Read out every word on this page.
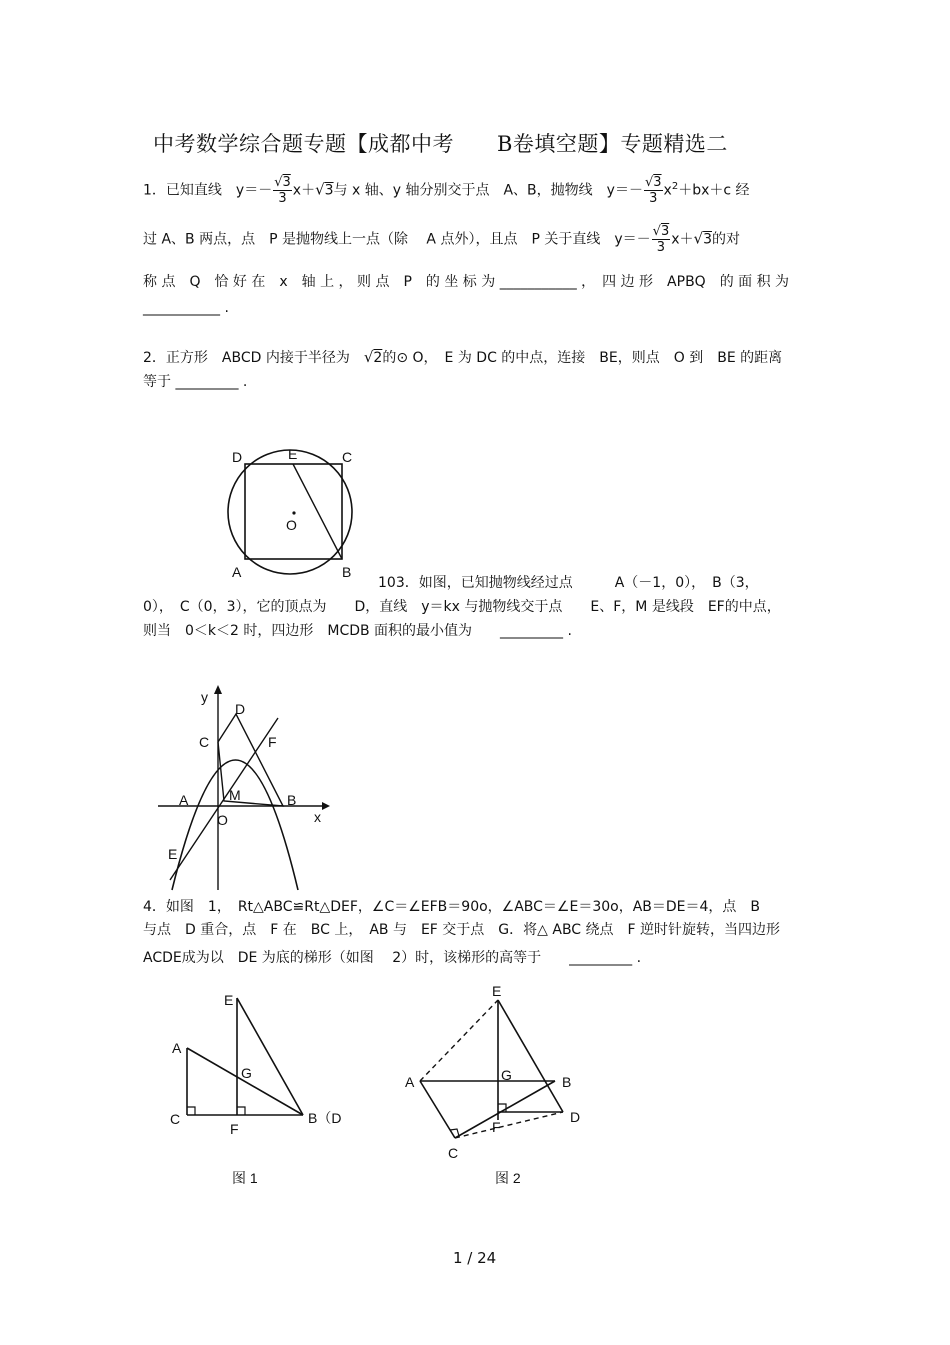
中考数学综合题专题【成都中考　　B卷填空题】专题精选二
1．已知直线　$y=- \frac{√3}{3} x+√3$与 x 轴、y 轴分别交于点　A、B，抛物线　$y=- \frac{√3}{3} x^2+bx+c$ 经
过 A、B 两点，点　P 是抛物线上一点（除　 A 点外），且点　P 关于直线　$y=- \frac{√3}{3} x+√3$的对
称 点　Q　恰 好 在　x　轴 上 ， 则 点　P　的 坐 标 为 ___________ ，　四 边 形　APBQ　的 面 积 为
___________ .
2．正方形　ABCD 内接于半径为　√2的⊙ O，　E 为 DC 的中点，连接　BE，则点　O 到　BE 的距离
等于 _________ .
D	E	C
O
A	B
103．如图，已知抛物线经过点　　　A（－1，0），　B（3，
0），　C（0，3），它的顶点为　　D，直线　y＝kx 与抛物线交于点　　E、F，M 是线段　EF的中点，
则当　0＜k＜2 时，四边形　MCDB 面积的最小值为　　_________ .
y
x
D
C	F
A	M	B
O
E
4．如图　1，　Rt△ABC≌Rt△DEF，∠C＝∠EFB＝90o，∠ABC＝∠E＝30o，AB＝DE＝4，点　B
与点　D 重合，点　F 在　BC 上，　AB 与　EF 交于点　G．将△ ABC 绕点　F 逆时针旋转，当四边形
ACDE成为以　DE 为底的梯形（如图　 2）时，该梯形的高等于　　_________ .
E
A
G
C
F
B（D
图 1
E
A	G	B
D
F
C
图 2
1 / 24
